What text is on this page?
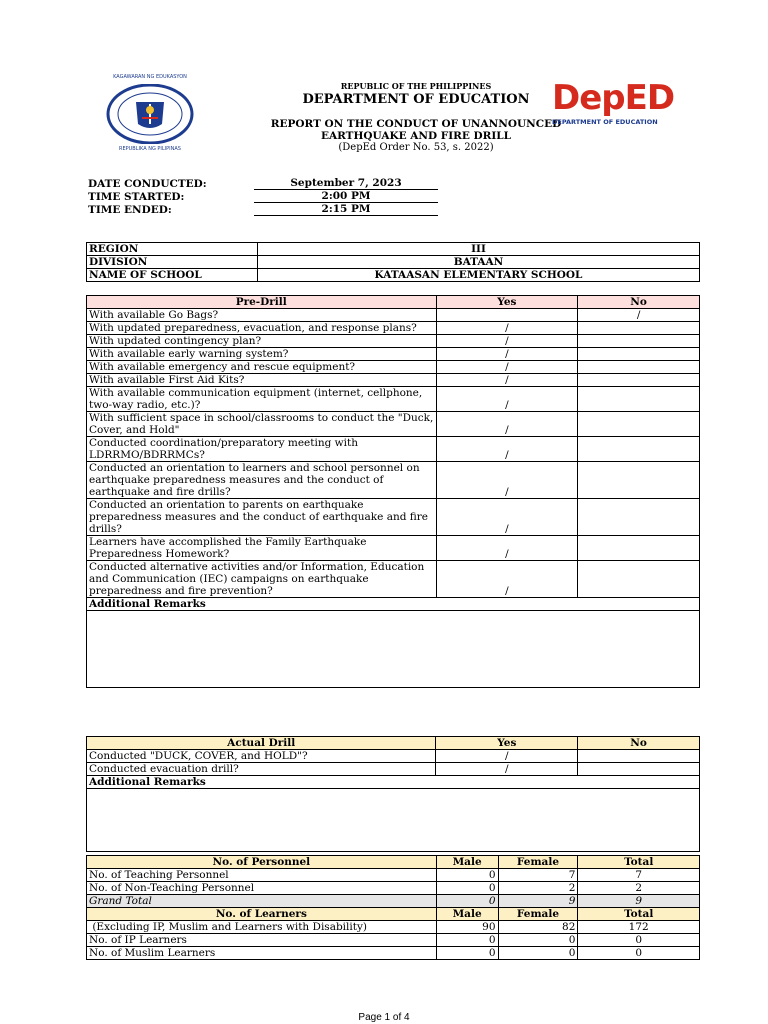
KAGAWARAN NG EDUKASYON
REPUBLIKA NG PILIPINAS
REPUBLIC OF THE PHILIPPINES
DEPARTMENT OF EDUCATION
REPORT ON THE CONDUCT OF UNANNOUNCED
EARTHQUAKE AND FIRE DRILL
(DepEd Order No. 53, s. 2022)
DepED
DEPARTMENT OF EDUCATION
DATE CONDUCTED:	September 7, 2023
TIME STARTED:	2:00 PM
TIME ENDED:	2:15 PM
REGION	III
DIVISION	BATAAN
NAME OF SCHOOL	KATAASAN ELEMENTARY SCHOOL
Pre-Drill	Yes	No
With available Go Bags?		/
With updated preparedness, evacuation, and response plans?	/	
With updated contingency plan?	/	
With available early warning system?	/	
With available emergency and rescue equipment?	/	
With available First Aid Kits?	/	
With available communication equipment (internet, cellphone, two-way radio, etc.)?	/	
With sufficient space in school/classrooms to conduct the "Duck, Cover, and Hold"	/	
Conducted coordination/preparatory meeting with LDRRMO/BDRRMCs?	/	
Conducted an orientation to learners and school personnel on earthquake preparedness measures and the conduct of earthquake and fire drills?	/	
Conducted an orientation to parents on earthquake preparedness measures and the conduct of earthquake and fire drills?	/	
Learners have accomplished the Family Earthquake Preparedness Homework?	/	
Conducted alternative activities and/or Information, Education and Communication (IEC) campaigns on earthquake preparedness and fire prevention?	/	
Additional Remarks		

Actual Drill	Yes	No
Conducted "DUCK, COVER, and HOLD"?	/	
Conducted evacuation drill?	/	
Additional Remarks		

No. of Personnel	Male	Female	Total
No. of Teaching Personnel	0	7	7
No. of Non-Teaching Personnel	0	2	2
Grand Total	0	9	9
No. of Learners	Male	Female	Total
(Excluding IP, Muslim and Learners with Disability)	90	82	172
No. of IP Learners	0	0	0
No. of Muslim Learners	0	0	0
Page 1 of 4
